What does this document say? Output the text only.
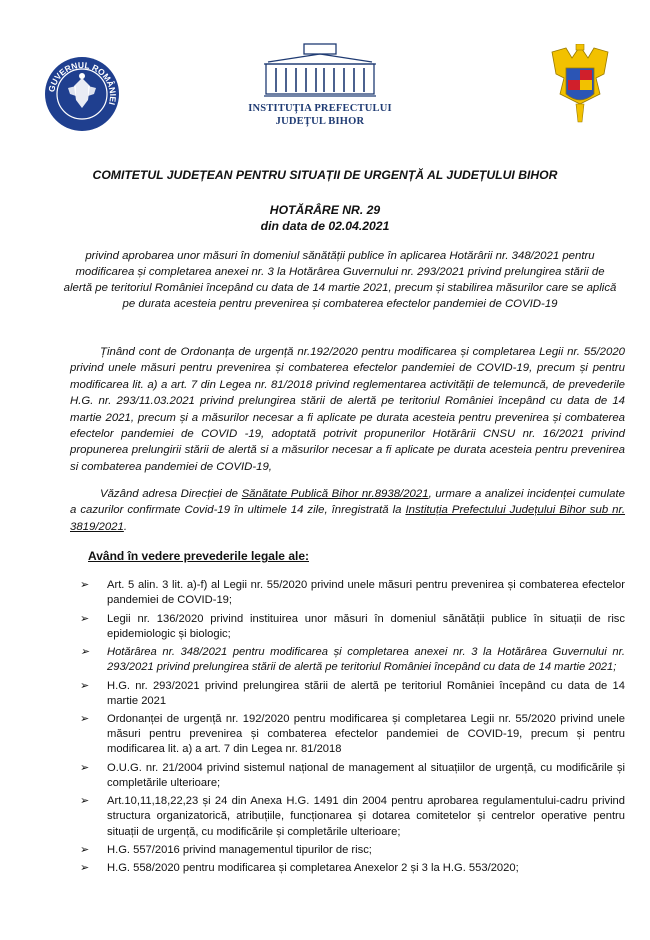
GUVERNUL ROMÂNIEI	INSTITUȚIA PREFECTULUI
JUDEȚUL BIHOR
COMITETUL JUDEȚEAN PENTRU SITUAȚII DE URGENȚĂ AL JUDEȚULUI BIHOR
HOTĂRÂRE NR. 29
din data de 02.04.2021
privind aprobarea unor măsuri în domeniul sănătății publice în aplicarea Hotărârii nr. 348/2021 pentru modificarea și completarea anexei nr. 3 la Hotărârea Guvernului nr. 293/2021 privind prelungirea stării de alertă pe teritoriul României începând cu data de 14 martie 2021, precum și stabilirea măsurilor care se aplică pe durata acesteia pentru prevenirea și combaterea efectelor pandemiei de COVID-19
Ținând cont de Ordonanța de urgență nr.192/2020 pentru modificarea și completarea Legii nr. 55/2020 privind unele măsuri pentru prevenirea și combaterea efectelor pandemiei de COVID-19, precum și pentru modificarea lit. a) a art. 7 din Legea nr. 81/2018 privind reglementarea activității de telemuncă, de prevederile H.G. nr. 293/11.03.2021 privind prelungirea stării de alertă pe teritoriul României începând cu data de 14 martie 2021, precum și a măsurilor necesar a fi aplicate pe durata acesteia pentru prevenirea și combaterea efectelor pandemiei de COVID -19, adoptată potrivit propunerilor Hotărârii CNSU nr. 16/2021 privind propunerea prelungirii stării de alertă si a măsurilor necesar a fi aplicate pe durata acesteia pentru prevenirea si combaterea pandemiei de COVID-19,
Văzând adresa Direcției de Sănătate Publică Bihor nr.8938/2021, urmare a analizei incidenței cumulate a cazurilor confirmate Covid-19 în ultimele 14 zile, înregistrată la Instituția Prefectului Județului Bihor sub nr. 3819/2021.
Având în vedere prevederile legale ale:
➢ Art. 5 alin. 3 lit. a)-f) al Legii nr. 55/2020 privind unele măsuri pentru prevenirea și combaterea efectelor pandemiei de COVID-19;
➢ Legii nr. 136/2020 privind instituirea unor măsuri în domeniul sănătății publice în situații de risc epidemiologic și biologic;
➢ Hotărârea nr. 348/2021 pentru modificarea și completarea anexei nr. 3 la Hotărârea Guvernului nr. 293/2021 privind prelungirea stării de alertă pe teritoriul României începând cu data de 14 martie 2021;
➢ H.G. nr. 293/2021 privind prelungirea stării de alertă pe teritoriul României începând cu data de 14 martie 2021
➢ Ordonanței de urgență nr. 192/2020 pentru modificarea și completarea Legii nr. 55/2020 privind unele măsuri pentru prevenirea și combaterea efectelor pandemiei de COVID-19, precum și pentru modificarea lit. a) a art. 7 din Legea nr. 81/2018
➢ O.U.G. nr. 21/2004 privind sistemul național de management al situațiilor de urgență, cu modificările și completările ulterioare;
➢ Art.10,11,18,22,23 și 24 din Anexa H.G. 1491 din 2004 pentru aprobarea regulamentului-cadru privind structura organizatorică, atribuțiile, funcționarea și dotarea comitetelor și centrelor operative pentru situații de urgență, cu modificările și completările ulterioare;
➢ H.G. 557/2016 privind managementul tipurilor de risc;
➢ H.G. 558/2020 pentru modificarea și completarea Anexelor 2 și 3 la H.G. 553/2020;
